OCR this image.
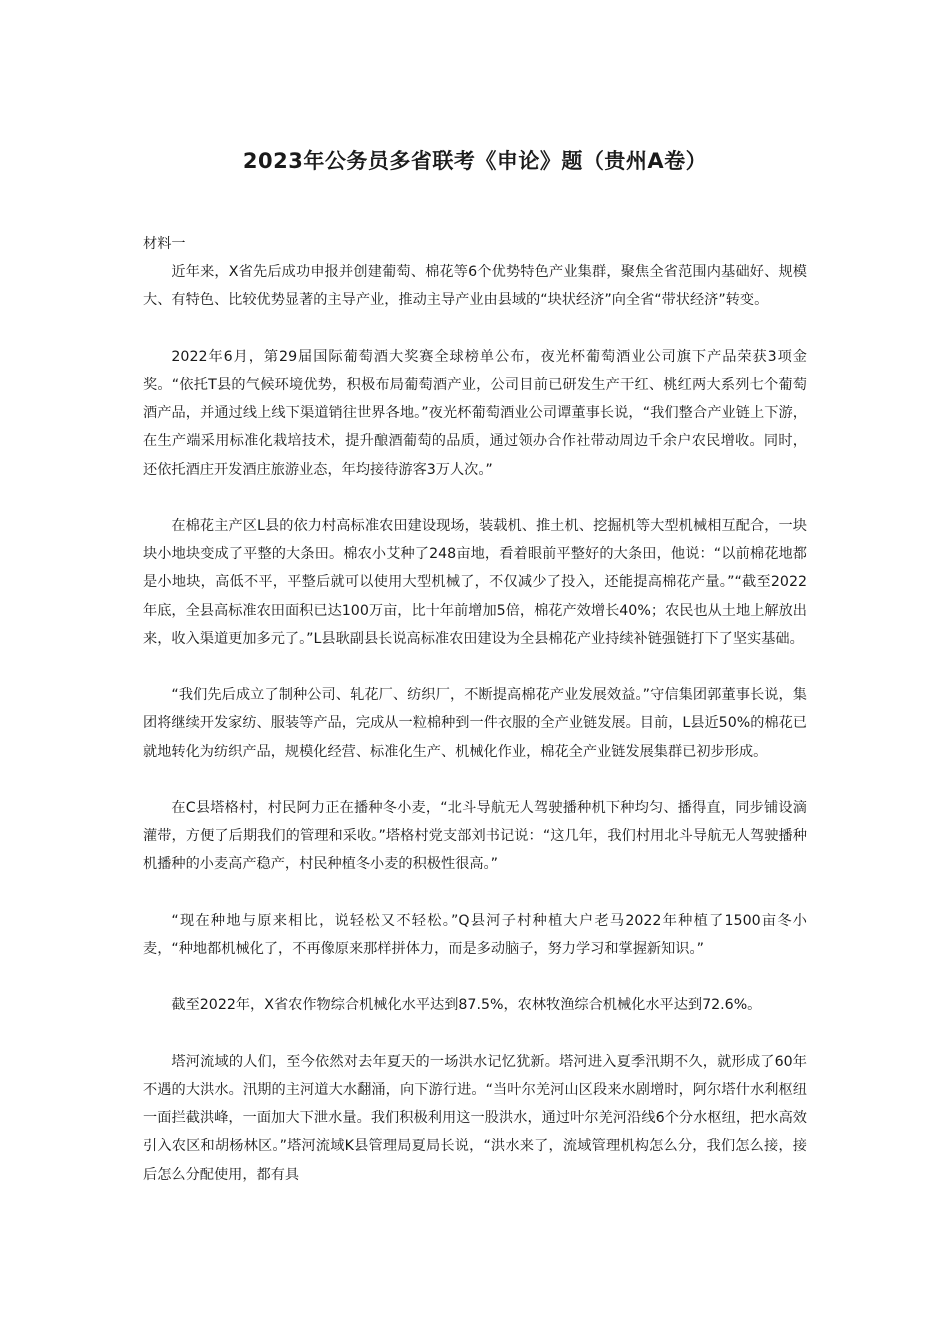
2023年公务员多省联考《申论》题（贵州A卷）

材料一

近年来，X省先后成功申报并创建葡萄、棉花等6个优势特色产业集群，聚焦全省范围内基础好、规模大、有特色、比较优势显著的主导产业，推动主导产业由县域的“块状经济”向全省“带状经济”转变。

2022年6月，第29届国际葡萄酒大奖赛全球榜单公布，夜光杯葡萄酒业公司旗下产品荣获3项金奖。“依托T县的气候环境优势，积极布局葡萄酒产业，公司目前已研发生产干红、桃红两大系列七个葡萄酒产品，并通过线上线下渠道销往世界各地。”夜光杯葡萄酒业公司谭董事长说，“我们整合产业链上下游，在生产端采用标准化栽培技术，提升酿酒葡萄的品质，通过领办合作社带动周边千余户农民增收。同时，还依托酒庄开发酒庄旅游业态，年均接待游客3万人次。”

在棉花主产区L县的依力村高标准农田建设现场，装载机、推土机、挖掘机等大型机械相互配合，一块块小地块变成了平整的大条田。棉农小艾种了248亩地，看着眼前平整好的大条田，他说：“以前棉花地都是小地块，高低不平，平整后就可以使用大型机械了，不仅减少了投入，还能提高棉花产量。”“截至2022年底，全县高标准农田面积已达100万亩，比十年前增加5倍，棉花产效增长40%；农民也从土地上解放出来，收入渠道更加多元了。”L县耿副县长说高标准农田建设为全县棉花产业持续补链强链打下了坚实基础。

“我们先后成立了制种公司、轧花厂、纺织厂，不断提高棉花产业发展效益。”守信集团郭董事长说，集团将继续开发家纺、服装等产品，完成从一粒棉种到一件衣服的全产业链发展。目前，L县近50%的棉花已就地转化为纺织产品，规模化经营、标准化生产、机械化作业，棉花全产业链发展集群已初步形成。

在C县塔格村，村民阿力正在播种冬小麦，“北斗导航无人驾驶播种机下种均匀、播得直，同步铺设滴灌带，方便了后期我们的管理和采收。”塔格村党支部刘书记说：“这几年，我们村用北斗导航无人驾驶播种机播种的小麦高产稳产，村民种植冬小麦的积极性很高。”

“现在种地与原来相比，说轻松又不轻松。”Q县河子村种植大户老马2022年种植了1500亩冬小麦，“种地都机械化了，不再像原来那样拼体力，而是多动脑子，努力学习和掌握新知识。”

截至2022年，X省农作物综合机械化水平达到87.5%，农林牧渔综合机械化水平达到72.6%。

塔河流域的人们，至今依然对去年夏天的一场洪水记忆犹新。塔河进入夏季汛期不久，就形成了60年不遇的大洪水。汛期的主河道大水翻涌，向下游行进。“当叶尔羌河山区段来水剧增时，阿尔塔什水利枢纽一面拦截洪峰，一面加大下泄水量。我们积极利用这一股洪水，通过叶尔羌河沿线6个分水枢纽，把水高效引入农区和胡杨林区。”塔河流域K县管理局夏局长说，“洪水来了，流域管理机构怎么分，我们怎么接，接后怎么分配使用，都有具
